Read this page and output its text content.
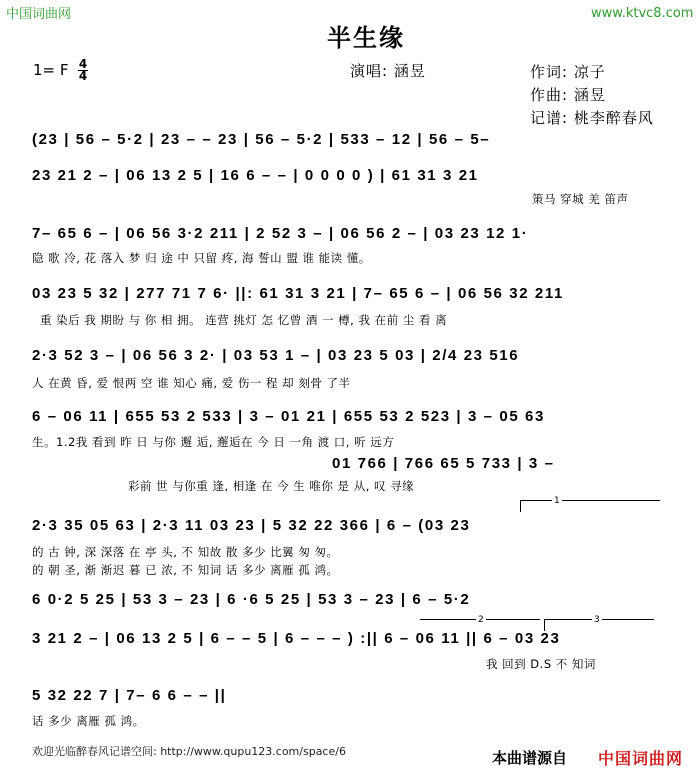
中国词曲网	www.ktvc8.com
半生缘
1= F 4
4	演唱: 涵昱	作词: 凉子
作曲: 涵昱
记谱: 桃李醉春风
(23 | 56 – 5·2 | 23 – – 23 | 56 – 5·2 | 533 – 12 | 56 – 5–
23 21 2 – | 06 13 2 5 | 16 6 – – | 0 0 0 0 ) | 61 31 3 21
策马 穿城 羌 笛声
7– 65 6 – | 06 56 3·2 211 | 2 52 3 – | 06 56 2 – | 03 23 12 1·
隐 歌 冷, 花 落入 梦 归 途 中 只留 疼, 海 誓山 盟 谁 能读 懂。
03 23 5 32 | 277 71 7 6· ||: 61 31 3 21 | 7– 65 6 – | 06 56 32 211
重 染后 我 期盼 与 你 相 拥。 连营 挑灯 怎 忆曾 酒 一 樽, 我 在前 尘 看 离
2·3 52 3 – | 06 56 3 2· | 03 53 1 – | 03 23 5 03 | 2/4 23 516
人 在黄 昏, 爱 恨两 空 谁 知心 痛, 爱 伤一 程 却 刻骨 了半
6 – 06 11 | 655 53 2 533 | 3 – 01 21 | 655 53 2 523 | 3 – 05 63
生。1.2我 看到 昨 日 与你 邂 逅, 邂逅在 今 日 一角 渡 口, 听 远方
01 766 | 766 65 5 733 | 3 –
彩前 世 与你重 逢, 相逢 在 今 生 唯你 是 从, 叹 寻缘
1
2·3 35 05 63 | 2·3 11 03 23 | 5 32 22 366 | 6 – (03 23
的 古 钟, 深 深落 在 亭 头, 不 知故 散 多少 比翼 匆 匆。
的 朝 圣, 渐 渐迟 暮 已 浓, 不 知词 话 多少 离雁 孤 鸿。
6 0·2 5 25 | 53 3 – 23 | 6 ·6 5 25 | 53 3 – 23 | 6 – 5·2
2	3
3 21 2 – | 06 13 2 5 | 6 – – 5 | 6 – – – ) :|| 6 – 06 11 || 6 – 03 23
我 回到 D.S 不 知词
5 32 22 7 | 7– 6 6 – – ||
话 多少 离雁 孤 鸿。
欢迎光临醉春风记谱空间: http://www.qupu123.com/space/6	本曲谱源自 中国词曲网
